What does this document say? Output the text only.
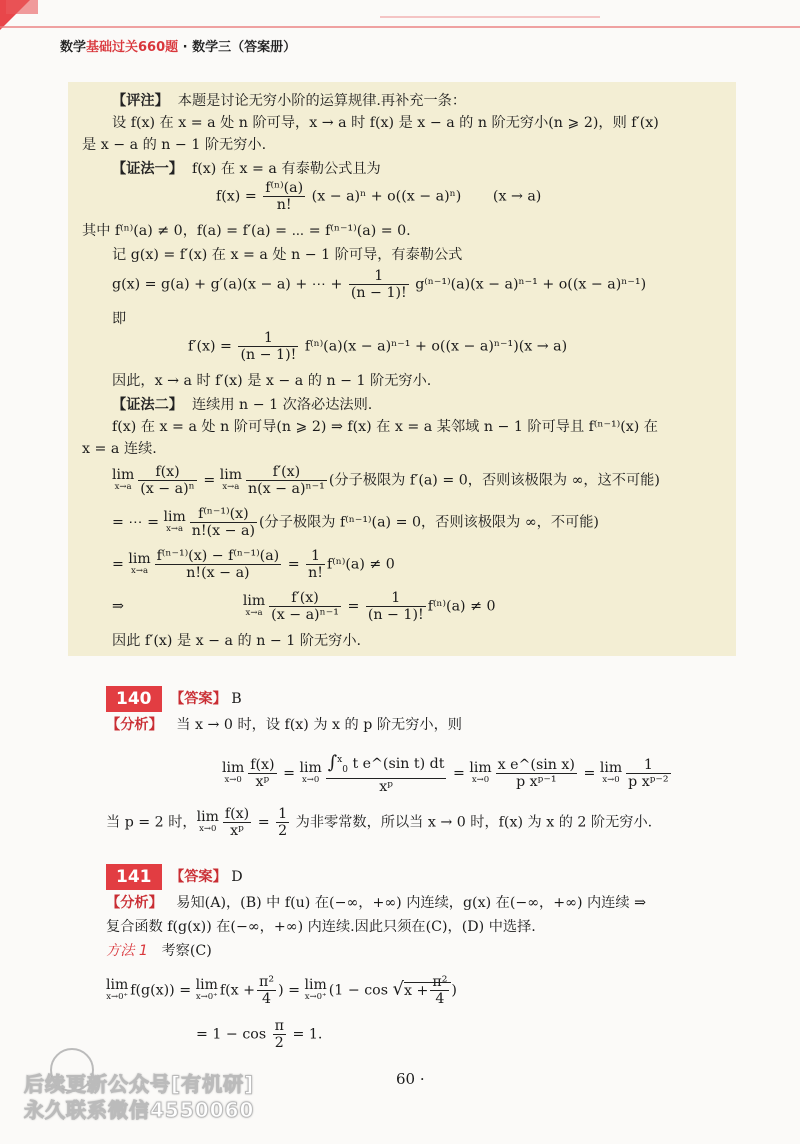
数学基础过关660题 · 数学三（答案册）
【评注】 本题是讨论无穷小阶的运算规律.再补充一条：
设 f(x) 在 x = a 处 n 阶可导，x → a 时 f(x) 是 x − a 的 n 阶无穷小(n ⩾ 2)，则 f′(x)
是 x − a 的 n − 1 阶无穷小.
【证法一】 f(x) 在 x = a 有泰勒公式且为
$f(x) = \frac{\text{f⁽ⁿ⁾(a)}}{n!} (x - a)^n + o((x - a)^n) (x \to a)$
其中 f⁽ⁿ⁾(a) ≠ 0，f(a) = f′(a) = ⋯ = f⁽ⁿ⁻¹⁾(a) = 0.
记 g(x) = f′(x) 在 x = a 处 n − 1 阶可导，有泰勒公式
g(x) = g(a) + g′(a)(x − a) + ⋯ + $\frac{1}{(n - 1)!} g^{(n-1)}(a)(x - a)^{n-1} + o((x - a)^{n-1})$
即
$f'(x) = \frac{1}{(n - 1)!} f^{(n)}(a)(x - a)^{n-1} + o((x - a)^{n-1})(x \to a)$
因此，x → a 时 f′(x) 是 x − a 的 n − 1 阶无穷小.
【证法二】 连续用 n − 1 次洛必达法则.
f(x) 在 x = a 处 n 阶可导(n ⩾ 2) ⇒ f(x) 在 x = a 某邻域 n − 1 阶可导且 f⁽ⁿ⁻¹⁾(x) 在
x = a 连续.
lim
$x\to a \frac{f(x)}{\text{(x − a)ⁿ}} = \lim$
$x\to a \frac{f'(x)}{\text{n(x − a)ⁿ⁻¹}}$ (分子极限为 f′(a) = 0，否则该极限为 ∞，这不可能)
= ⋯ = lim
$x\to a \frac{\text{f⁽ⁿ⁻¹⁾(x)}}{n!(x - a)}$ (分子极限为 f⁽ⁿ⁻¹⁾(a) = 0，否则该极限为 ∞，不可能)
= lim
$x\to a \frac{\text{f⁽ⁿ⁻¹⁾(x) − f⁽ⁿ⁻¹⁾(a)}}{n!(x - a)} = \frac{1}{n!} f^{(n)}(a) \ne 0$
⇒	lim
$x\to a \frac{f'(x)}{\text{(x − a)ⁿ⁻¹}} = \frac{1}{(n - 1)!} f^{(n)}(a) \ne 0$
因此 f′(x) 是 x − a 的 n − 1 阶无穷小.
140	【答案】 B
【分析】 当 x → 0 时，设 f(x) 为 x 的 p 阶无穷小，则
lim
$x\to 0 \frac{f(x)}{\text{xᵖ}} = \lim$
$x\to 0 \frac{\int^x_0 t e\^{}(\sin t) dt}{\text{xᵖ}} = \lim$
$x\to 0 \frac{\text{x e\textasciicircum{}(sin x)}}{\text{p xᵖ⁻¹}} = \lim$
$x\to 0 \frac{1}{\text{p xᵖ⁻²}}$
当 p = 2 时， lim
$x\to 0 \frac{f(x)}{\text{xᵖ}} = \frac{1}{2}$ 为非零常数，所以当 x → 0 时，f(x) 为 x 的 2 阶无穷小.
141	【答案】 D
【分析】 易知(A)，(B) 中 f(u) 在(−∞，+∞) 内连续，g(x) 在(−∞，+∞) 内连续 ⇒
复合函数 f(g(x)) 在(−∞，+∞) 内连续.因此只须在(C)，(D) 中选择.
方法 1 考察(C)
lim
x→0⁺ f(g(x)) = lim
x→0⁺ $f(x + \frac{\text{π²}}{4}$ ) = lim
x→0⁺ ($1 - \cos √x + \frac{\text{π²}}{4}$ )
= $1 - \cos \frac{\pi}{2} = 1$.
后续更新公众号[有机研]
永久联系微信4550060
60 ·
